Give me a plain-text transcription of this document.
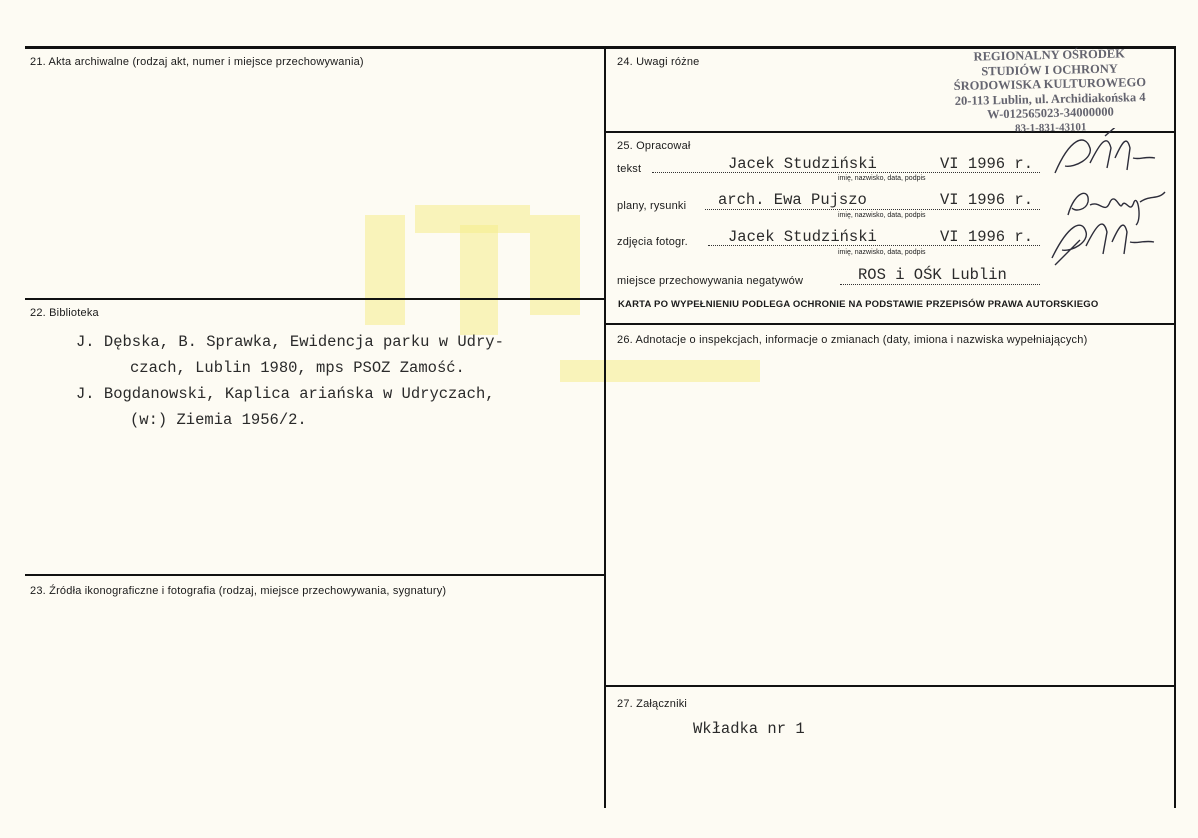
21. Akta archiwalne (rodzaj akt, numer i miejsce przechowywania)
22. Biblioteka
J. Dębska, B. Sprawka, Ewidencja parku w Udry-
czach, Lublin 1980, mps PSOZ Zamość.
J. Bogdanowski, Kaplica ariańska w Udryczach,
(w:) Ziemia 1956/2.
23. Źródła ikonograficzne i fotografia (rodzaj, miejsce przechowywania, sygnatury)
24. Uwagi różne	REGIONALNY OŚRODEK
STUDIÓW I OCHRONY
ŚRODOWISKA KULTUROWEGO
20-113 Lublin, ul. Archidiakońska 4
W-012565023-34000000
83-1-831-43101
25. Opracował
tekst	Jacek Studziński	VI 1996 r.
imię, nazwisko, data, podpis
plany, rysunki arch. Ewa Pujszo	VI 1996 r.
imię, nazwisko, data, podpis
zdjęcia fotogr.	Jacek Studziński	VI 1996 r.
imię, nazwisko, data, podpis
miejsce przechowywania negatywów	ROS i OŚK Lublin
KARTA PO WYPEŁNIENIU PODLEGA OCHRONIE NA PODSTAWIE PRZEPISÓW PRAWA AUTORSKIEGO
26. Adnotacje o inspekcjach, informacje o zmianach (daty, imiona i nazwiska wypełniających)
27. Załączniki
Wkładka nr 1
